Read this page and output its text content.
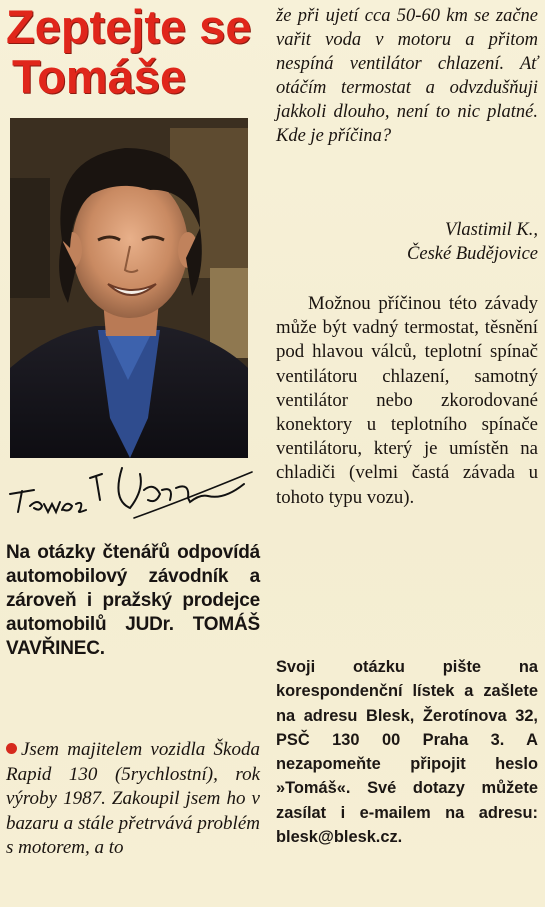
Zeptejte se
Tomáše
Na otázky čtenářů odpovídá automobilový závodník a zároveň i pražský prodejce automobilů JUDr. TOMÁŠ VAVŘINEC.
Jsem majitelem vozidla Škoda Rapid 130 (5rychlostní), rok výroby 1987. Zakoupil jsem ho v bazaru a stále přetrvává problém s motorem, a to
že při ujetí cca 50-60 km se začne vařit voda v motoru a přitom nespíná ventilátor chlazení. Ať otáčím termostat a odvzdušňuji jakkoli dlouho, není to nic platné. Kde je příčina?
Vlastimil K.,
České Budějovice

Možnou příčinou této závady může být vadný termostat, těsnění pod hlavou válců, teplotní spínač ventilátoru chlazení, samotný ventilátor nebo zkorodované konektory u teplotního spínače ventilátoru, který je umístěn na chladiči (velmi častá závada u tohoto typu vozu).

Svoji otázku pište na korespondenční lístek a zašlete na adresu Blesk, Žerotínova 32, PSČ 130 00 Praha 3. A nezapomeňte připojit heslo »Tomáš«. Své dotazy můžete zasílat i e-mailem na adresu: blesk@blesk.cz.
